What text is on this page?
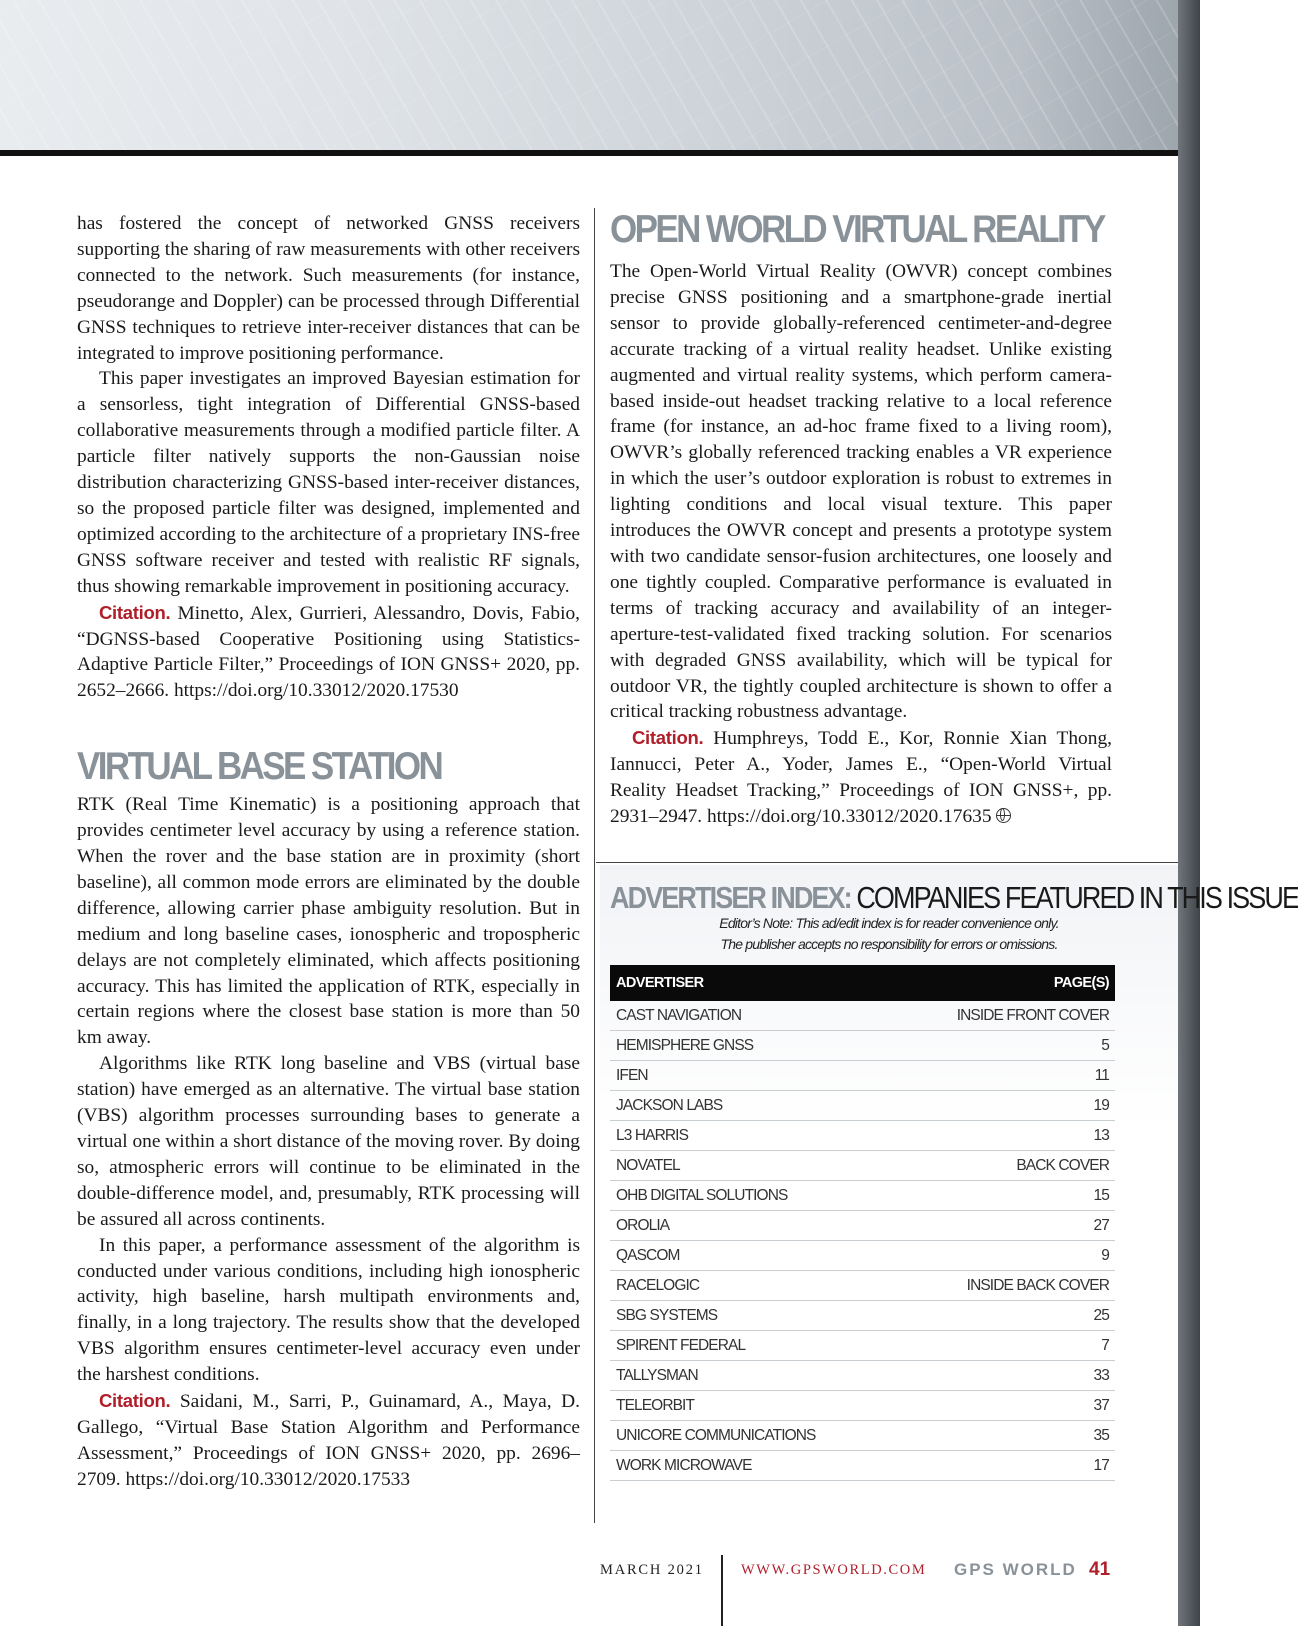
has fostered the concept of networked GNSS receivers supporting the sharing of raw measurements with other receivers connected to the network. Such measurements (for instance, pseudorange and Doppler) can be processed through Differential GNSS techniques to retrieve inter-receiver distances that can be integrated to improve positioning performance.

This paper investigates an improved Bayesian estimation for a sensorless, tight integration of Differential GNSS-based collaborative measurements through a modified particle filter. A particle filter natively supports the non-Gaussian noise distribution characterizing GNSS-based inter-receiver distances, so the proposed particle filter was designed, implemented and optimized according to the architecture of a proprietary INS-free GNSS software receiver and tested with realistic RF signals, thus showing remarkable improvement in positioning accuracy.

Citation. Minetto, Alex, Gurrieri, Alessandro, Dovis, Fabio, “DGNSS-based Cooperative Positioning using Statistics-Adaptive Particle Filter,” Proceedings of ION GNSS+ 2020, pp. 2652–2666. https://doi.org/10.33012/2020.17530

VIRTUAL BASE STATION

RTK (Real Time Kinematic) is a positioning approach that provides centimeter level accuracy by using a reference station. When the rover and the base station are in proximity (short baseline), all common mode errors are eliminated by the double difference, allowing carrier phase ambiguity resolution. But in medium and long baseline cases, ionospheric and tropospheric delays are not completely eliminated, which affects positioning accuracy. This has limited the application of RTK, especially in certain regions where the closest base station is more than 50 km away.

Algorithms like RTK long baseline and VBS (virtual base station) have emerged as an alternative. The virtual base station (VBS) algorithm processes surrounding bases to generate a virtual one within a short distance of the moving rover. By doing so, atmospheric errors will continue to be eliminated in the double-difference model, and, presumably, RTK processing will be assured all across continents.

In this paper, a performance assessment of the algorithm is conducted under various conditions, including high ionospheric activity, high baseline, harsh multipath environments and, finally, in a long trajectory. The results show that the developed VBS algorithm ensures centimeter-level accuracy even under the harshest conditions.

Citation. Saidani, M., Sarri, P., Guinamard, A., Maya, D. Gallego, “Virtual Base Station Algorithm and Performance Assessment,” Proceedings of ION GNSS+ 2020, pp. 2696–2709. https://doi.org/10.33012/2020.17533

OPEN WORLD VIRTUAL REALITY

The Open-World Virtual Reality (OWVR) concept combines precise GNSS positioning and a smartphone-grade inertial sensor to provide globally-referenced centimeter-and-degree accurate tracking of a virtual reality headset. Unlike existing augmented and virtual reality systems, which perform camera-based inside-out headset tracking relative to a local reference frame (for instance, an ad-hoc frame fixed to a living room), OWVR’s globally referenced tracking enables a VR experience in which the user’s outdoor exploration is robust to extremes in lighting conditions and local visual texture. This paper introduces the OWVR concept and presents a prototype system with two candidate sensor-fusion architectures, one loosely and one tightly coupled. Comparative performance is evaluated in terms of tracking accuracy and availability of an integer-aperture-test-validated fixed tracking solution. For scenarios with degraded GNSS availability, which will be typical for outdoor VR, the tightly coupled architecture is shown to offer a critical tracking robustness advantage.

Citation. Humphreys, Todd E., Kor, Ronnie Xian Thong, Iannucci, Peter A., Yoder, James E., “Open-World Virtual Reality Headset Tracking,” Proceedings of ION GNSS+, pp. 2931–2947. https://doi.org/10.33012/2020.17635

ADVERTISER INDEX: COMPANIES FEATURED IN THIS ISSUE
Editor’s Note: This ad/edit index is for reader convenience only.
The publisher accepts no responsibility for errors or omissions.
ADVERTISER	PAGE(S)
CAST NAVIGATION	INSIDE FRONT COVER
HEMISPHERE GNSS	5
IFEN	11
JACKSON LABS	19
L3 HARRIS	13
NOVATEL	BACK COVER
OHB DIGITAL SOLUTIONS	15
OROLIA	27
QASCOM	9
RACELOGIC	INSIDE BACK COVER
SBG SYSTEMS	25
SPIRENT FEDERAL	7
TALLYSMAN	33
TELEORBIT	37
UNICORE COMMUNICATIONS	35
WORK MICROWAVE	17
MARCH 2021	WWW.GPSWORLD.COM GPS WORLD 41
